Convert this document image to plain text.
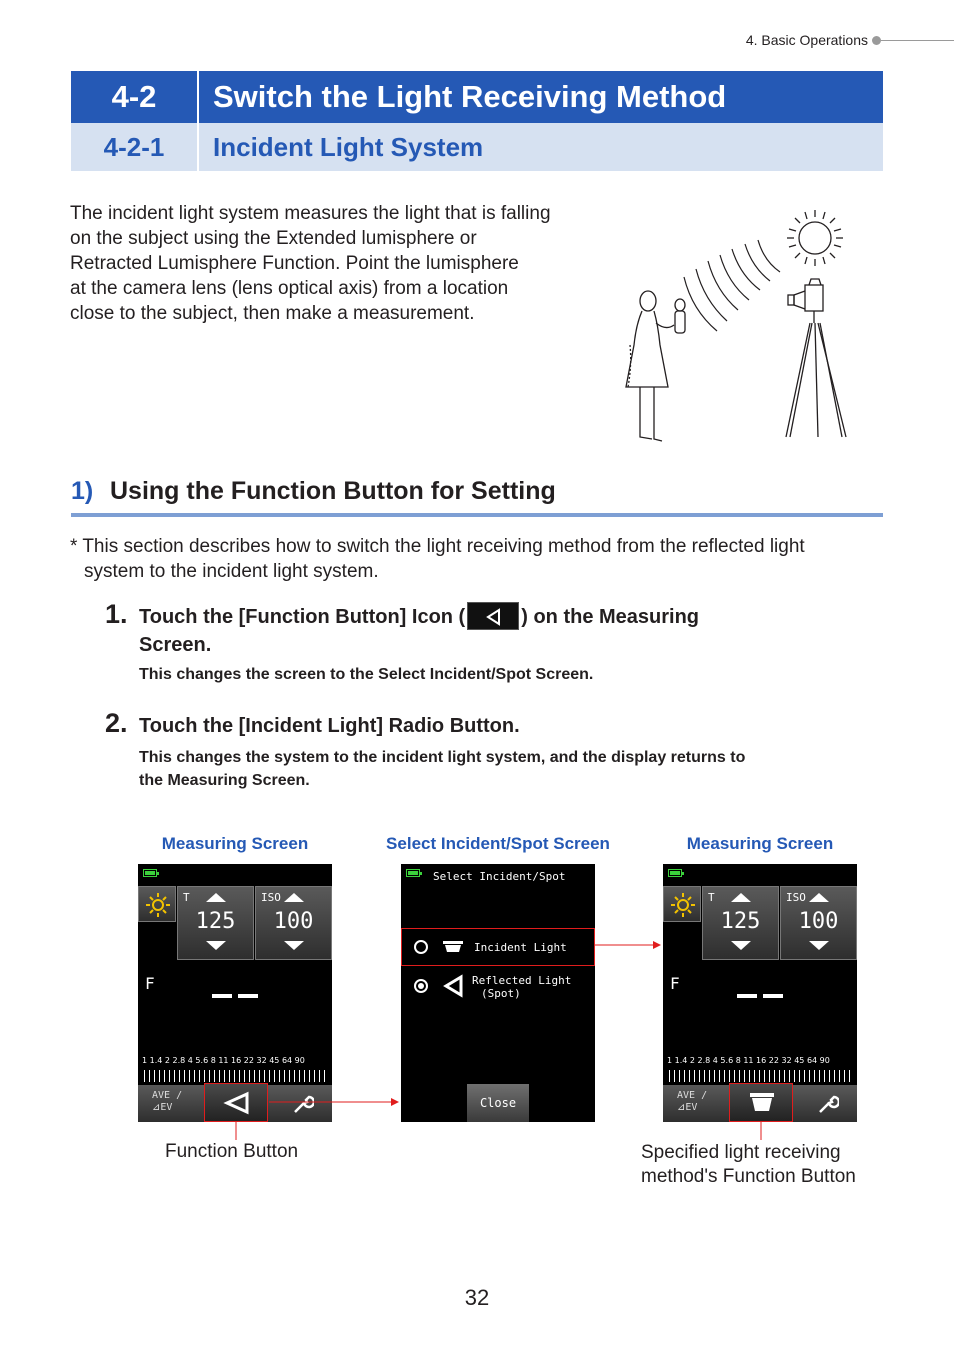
4. Basic Operations
4-2	Switch the Light Receiving Method
4-2-1	Incident Light System
The incident light system measures the light that is falling
on the subject using the Extended lumisphere or
Retracted Lumisphere Function. Point the lumisphere
at the camera lens (lens optical axis) from a location
close to the subject, then make a measurement.
1) Using the Function Button for Setting
* This section describes how to switch the light receiving method from the reflected light
system to the incident light system.
1. Touch the [Function Button] Icon (	) on the Measuring
Screen.
This changes the screen to the Select Incident/Spot Screen.
2. Touch the [Incident Light] Radio Button.
This changes the system to the incident light system, and the display returns to
the Measuring Screen.
Measuring Screen	Select Incident/Spot Screen	Measuring Screen
T
125
ISO
100
F
1 1.4 2 2.8 4 5.6 8 11 16 22 32 45 64 90
AVE /
⊿EV
Select Incident/Spot
Incident Light
Reflected Light
(Spot)
Close
T
125
ISO
100
F
1 1.4 2 2.8 4 5.6 8 11 16 22 32 45 64 90
AVE /
⊿EV
Function Button	Specified light receiving
method's Function Button
32
